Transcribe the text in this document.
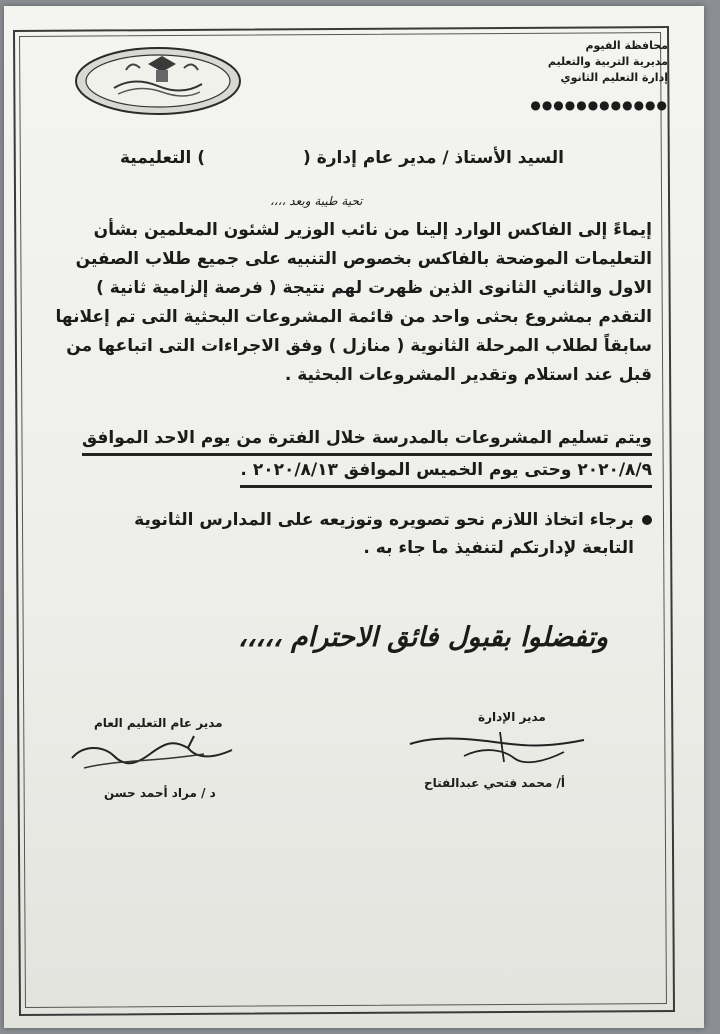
محافظة الفيوم
مديرية التربية والتعليم
إدارة التعليم الثانوي
●●●●●●●●●●●●
السيد الأستاذ / مدير عام إدارة (
) التعليمية
تحية طيبة وبعد ،،،،

إيماءً إلى الفاكس الوارد إلينا من نائب الوزير لشئون المعلمين بشأن

التعليمات الموضحة بالفاكس بخصوص التنبيه على جميع طلاب الصفين

الاول والثاني الثانوى الذين ظهرت لهم نتيجة ( فرصة إلزامية ثانية )

التقدم بمشروع بحثى واحد من قائمة المشروعات البحثية التى تم إعلانها

سابقاً لطلاب المرحلة الثانوية ( منازل ) وفق الاجراءات التى اتباعها من

قبل عند استلام وتقدير المشروعات البحثية .

ويتم تسليم المشروعات بالمدرسة خلال الفترة من يوم الاحد الموافق

٢٠٢٠/٨/٩ وحتى يوم الخميس الموافق ٢٠٢٠/٨/١٣ .

برجاء اتخاذ اللازم نحو تصويره وتوزيعه على المدارس الثانوية
التابعة لإدارتكم لتنفيذ ما جاء به .
وتفضلوا بقبول فائق الاحترام ،،،،،
مدير عام التعليم العام	مدير الإدارة
د / مراد أحمد حسن
أ/ محمد فتحي عبدالفتاح
